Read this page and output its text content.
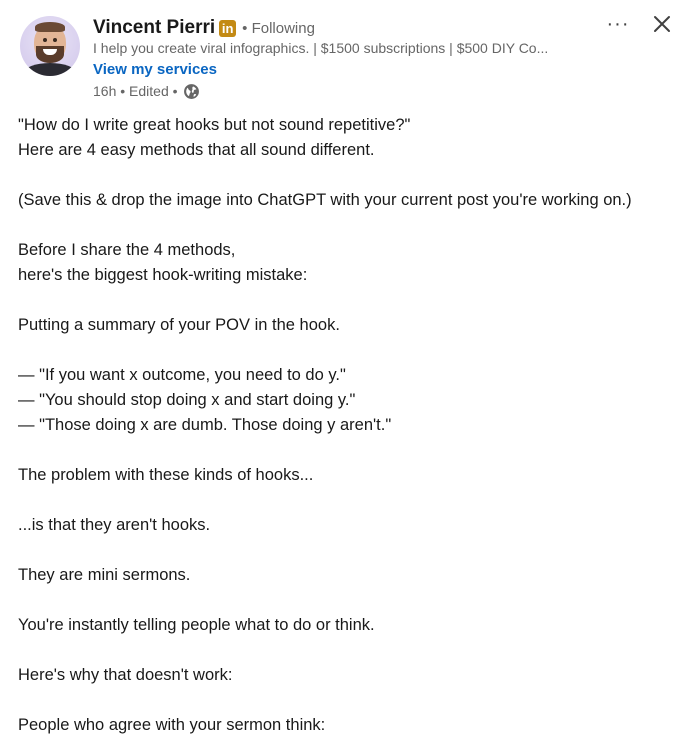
Vincent Pierri in • Following
I help you create viral infographics. | $1500 subscriptions | $500 DIY Co...
View my services
16h • Edited •
···
"How do I write great hooks but not sound repetitive?"
Here are 4 easy methods that all sound different.
(Save this & drop the image into ChatGPT with your current post you're working on.)
Before I share the 4 methods,
here's the biggest hook-writing mistake:
Putting a summary of your POV in the hook.
— "If you want x outcome, you need to do y."
— "You should stop doing x and start doing y."
— "Those doing x are dumb. Those doing y aren't."
The problem with these kinds of hooks...
...is that they aren't hooks.
They are mini sermons.
You're instantly telling people what to do or think.
Here's why that doesn't work:
People who agree with your sermon think:
